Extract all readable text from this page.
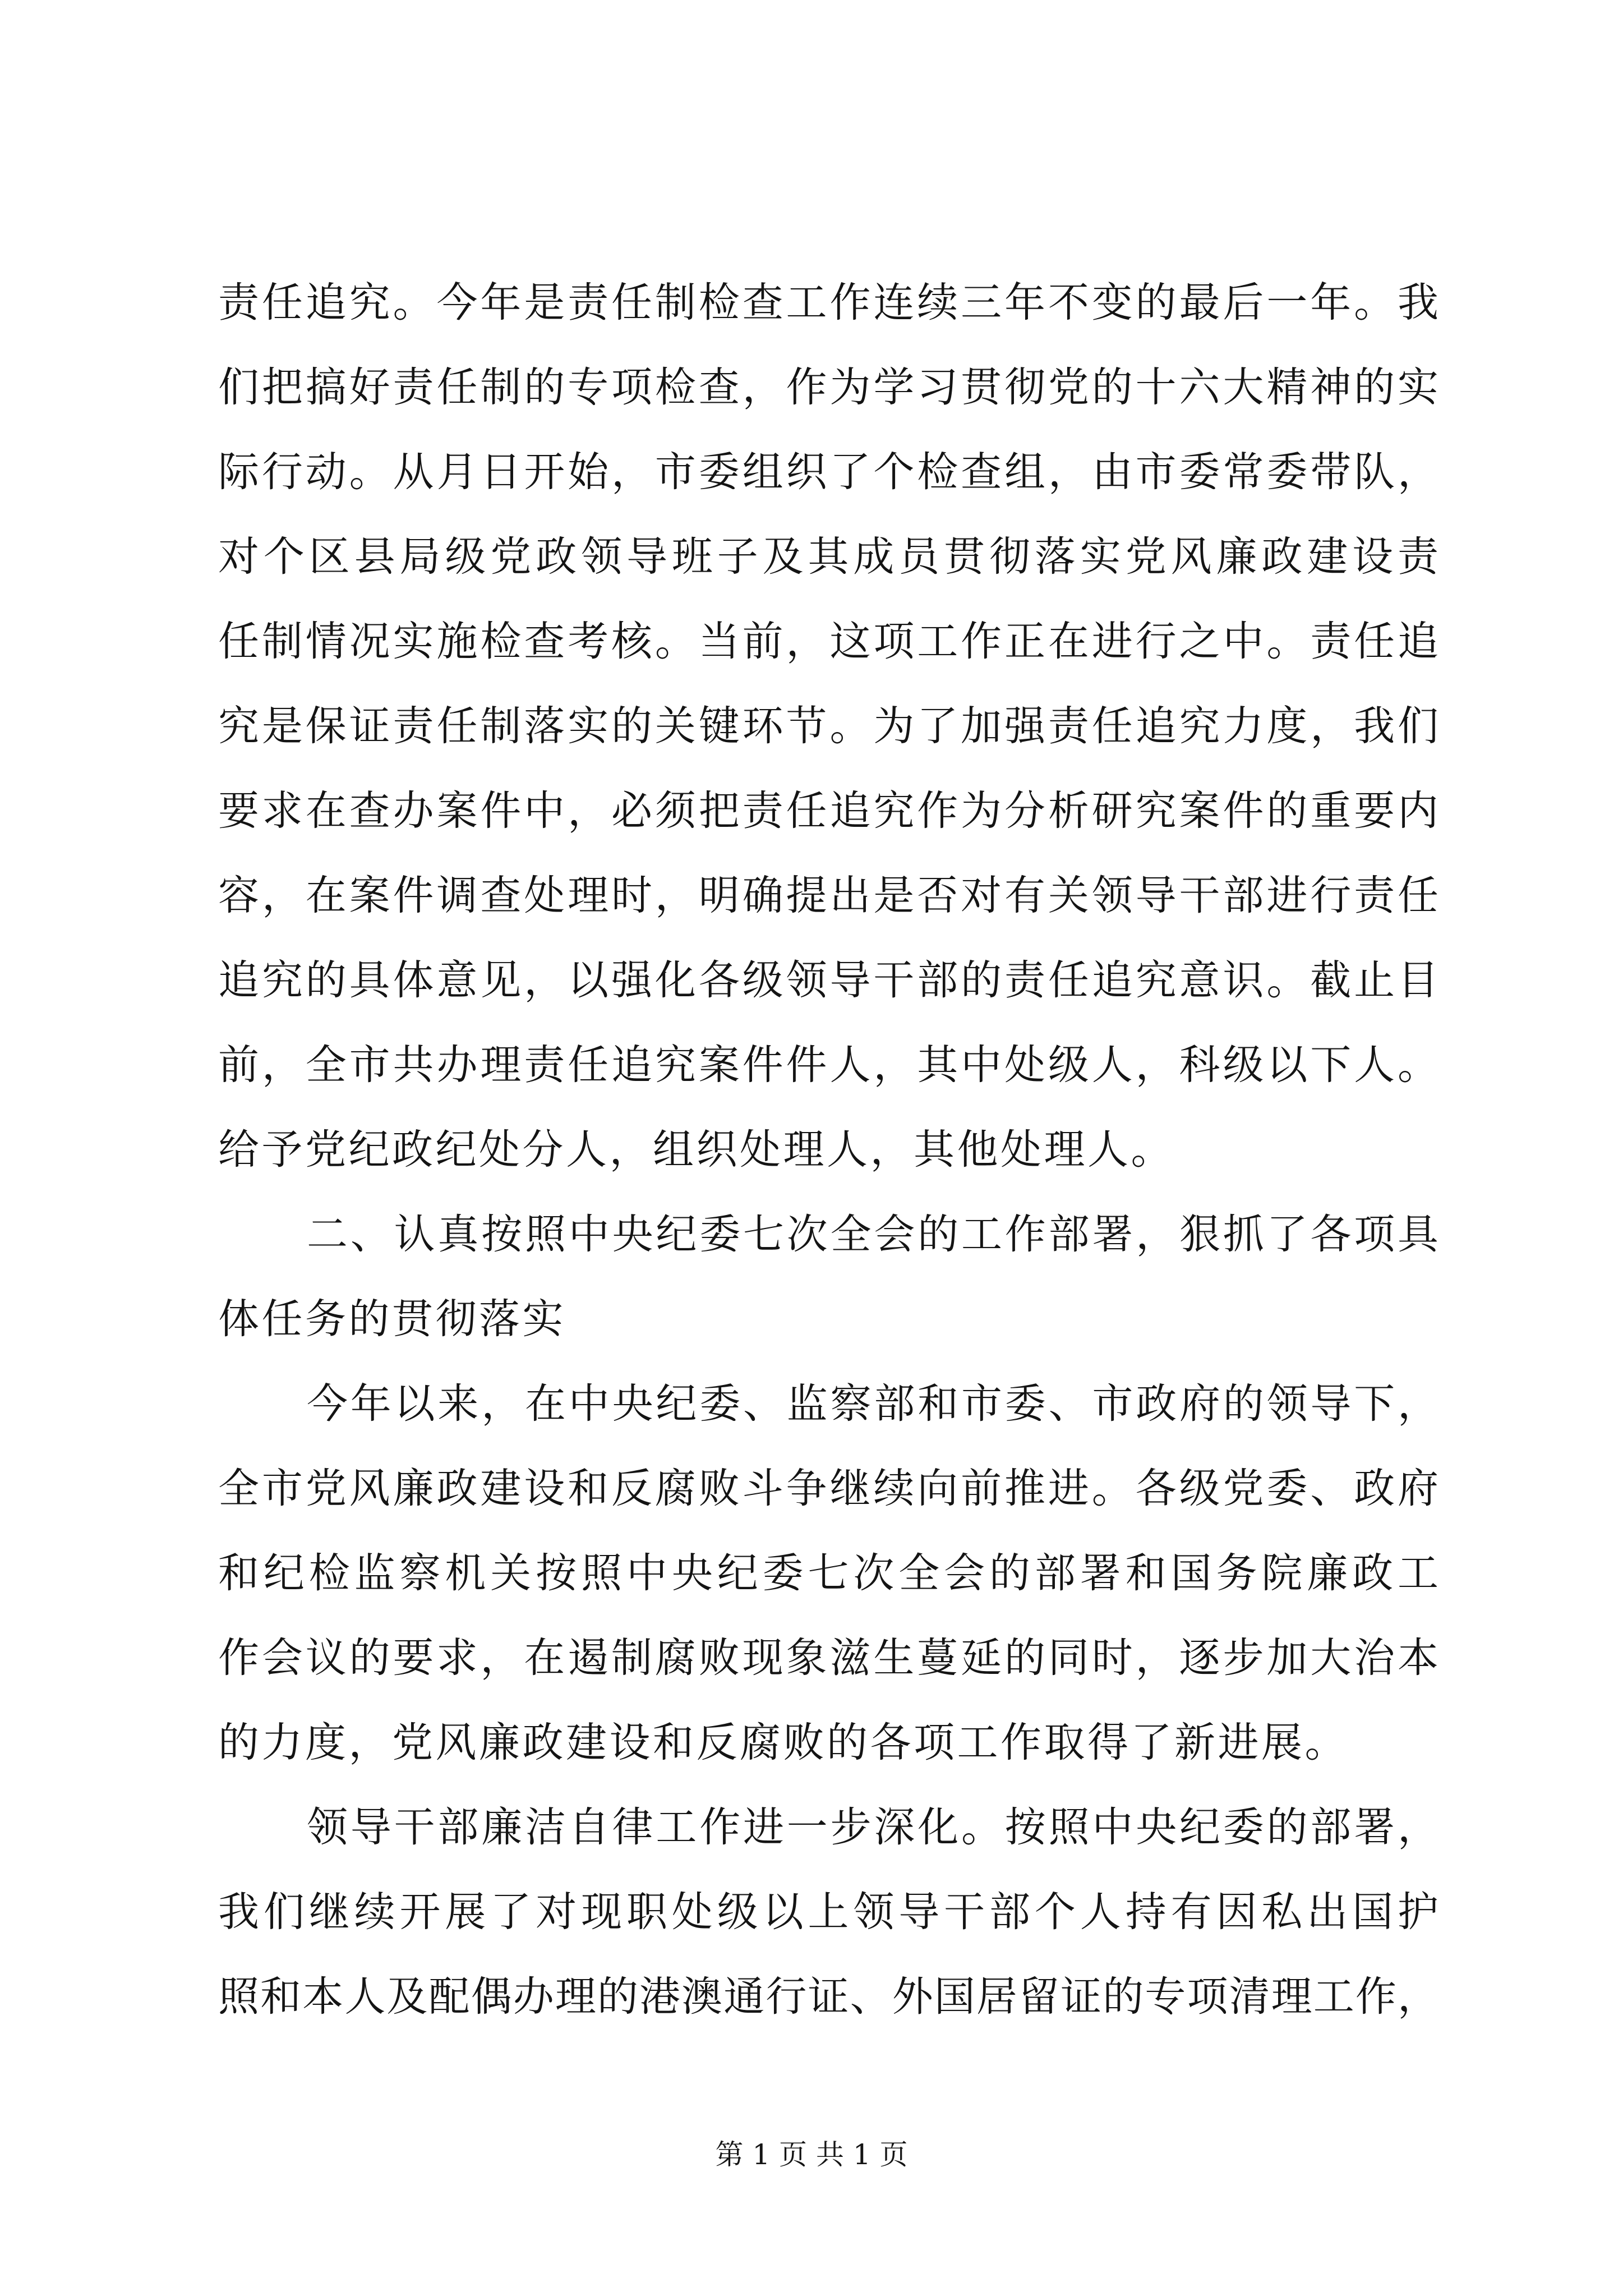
责任追究。今年是责任制检查工作连续三年不变的最后一年。我
们把搞好责任制的专项检查，作为学习贯彻党的十六大精神的实
际行动。从月日开始，市委组织了个检查组，由市委常委带队，
对个区县局级党政领导班子及其成员贯彻落实党风廉政建设责
任制情况实施检查考核。当前，这项工作正在进行之中。责任追
究是保证责任制落实的关键环节。为了加强责任追究力度，我们
要求在查办案件中，必须把责任追究作为分析研究案件的重要内
容，在案件调查处理时，明确提出是否对有关领导干部进行责任
追究的具体意见，以强化各级领导干部的责任追究意识。截止目
前，全市共办理责任追究案件件人，其中处级人，科级以下人。
给予党纪政纪处分人，组织处理人，其他处理人。
二、认真按照中央纪委七次全会的工作部署，狠抓了各项具
体任务的贯彻落实
今年以来，在中央纪委、监察部和市委、市政府的领导下，
全市党风廉政建设和反腐败斗争继续向前推进。各级党委、政府
和纪检监察机关按照中央纪委七次全会的部署和国务院廉政工
作会议的要求，在遏制腐败现象滋生蔓延的同时，逐步加大治本
的力度，党风廉政建设和反腐败的各项工作取得了新进展。
领导干部廉洁自律工作进一步深化。按照中央纪委的部署，
我们继续开展了对现职处级以上领导干部个人持有因私出国护
照和本人及配偶办理的港澳通行证、外国居留证的专项清理工作，
第 1 页 共 1 页
